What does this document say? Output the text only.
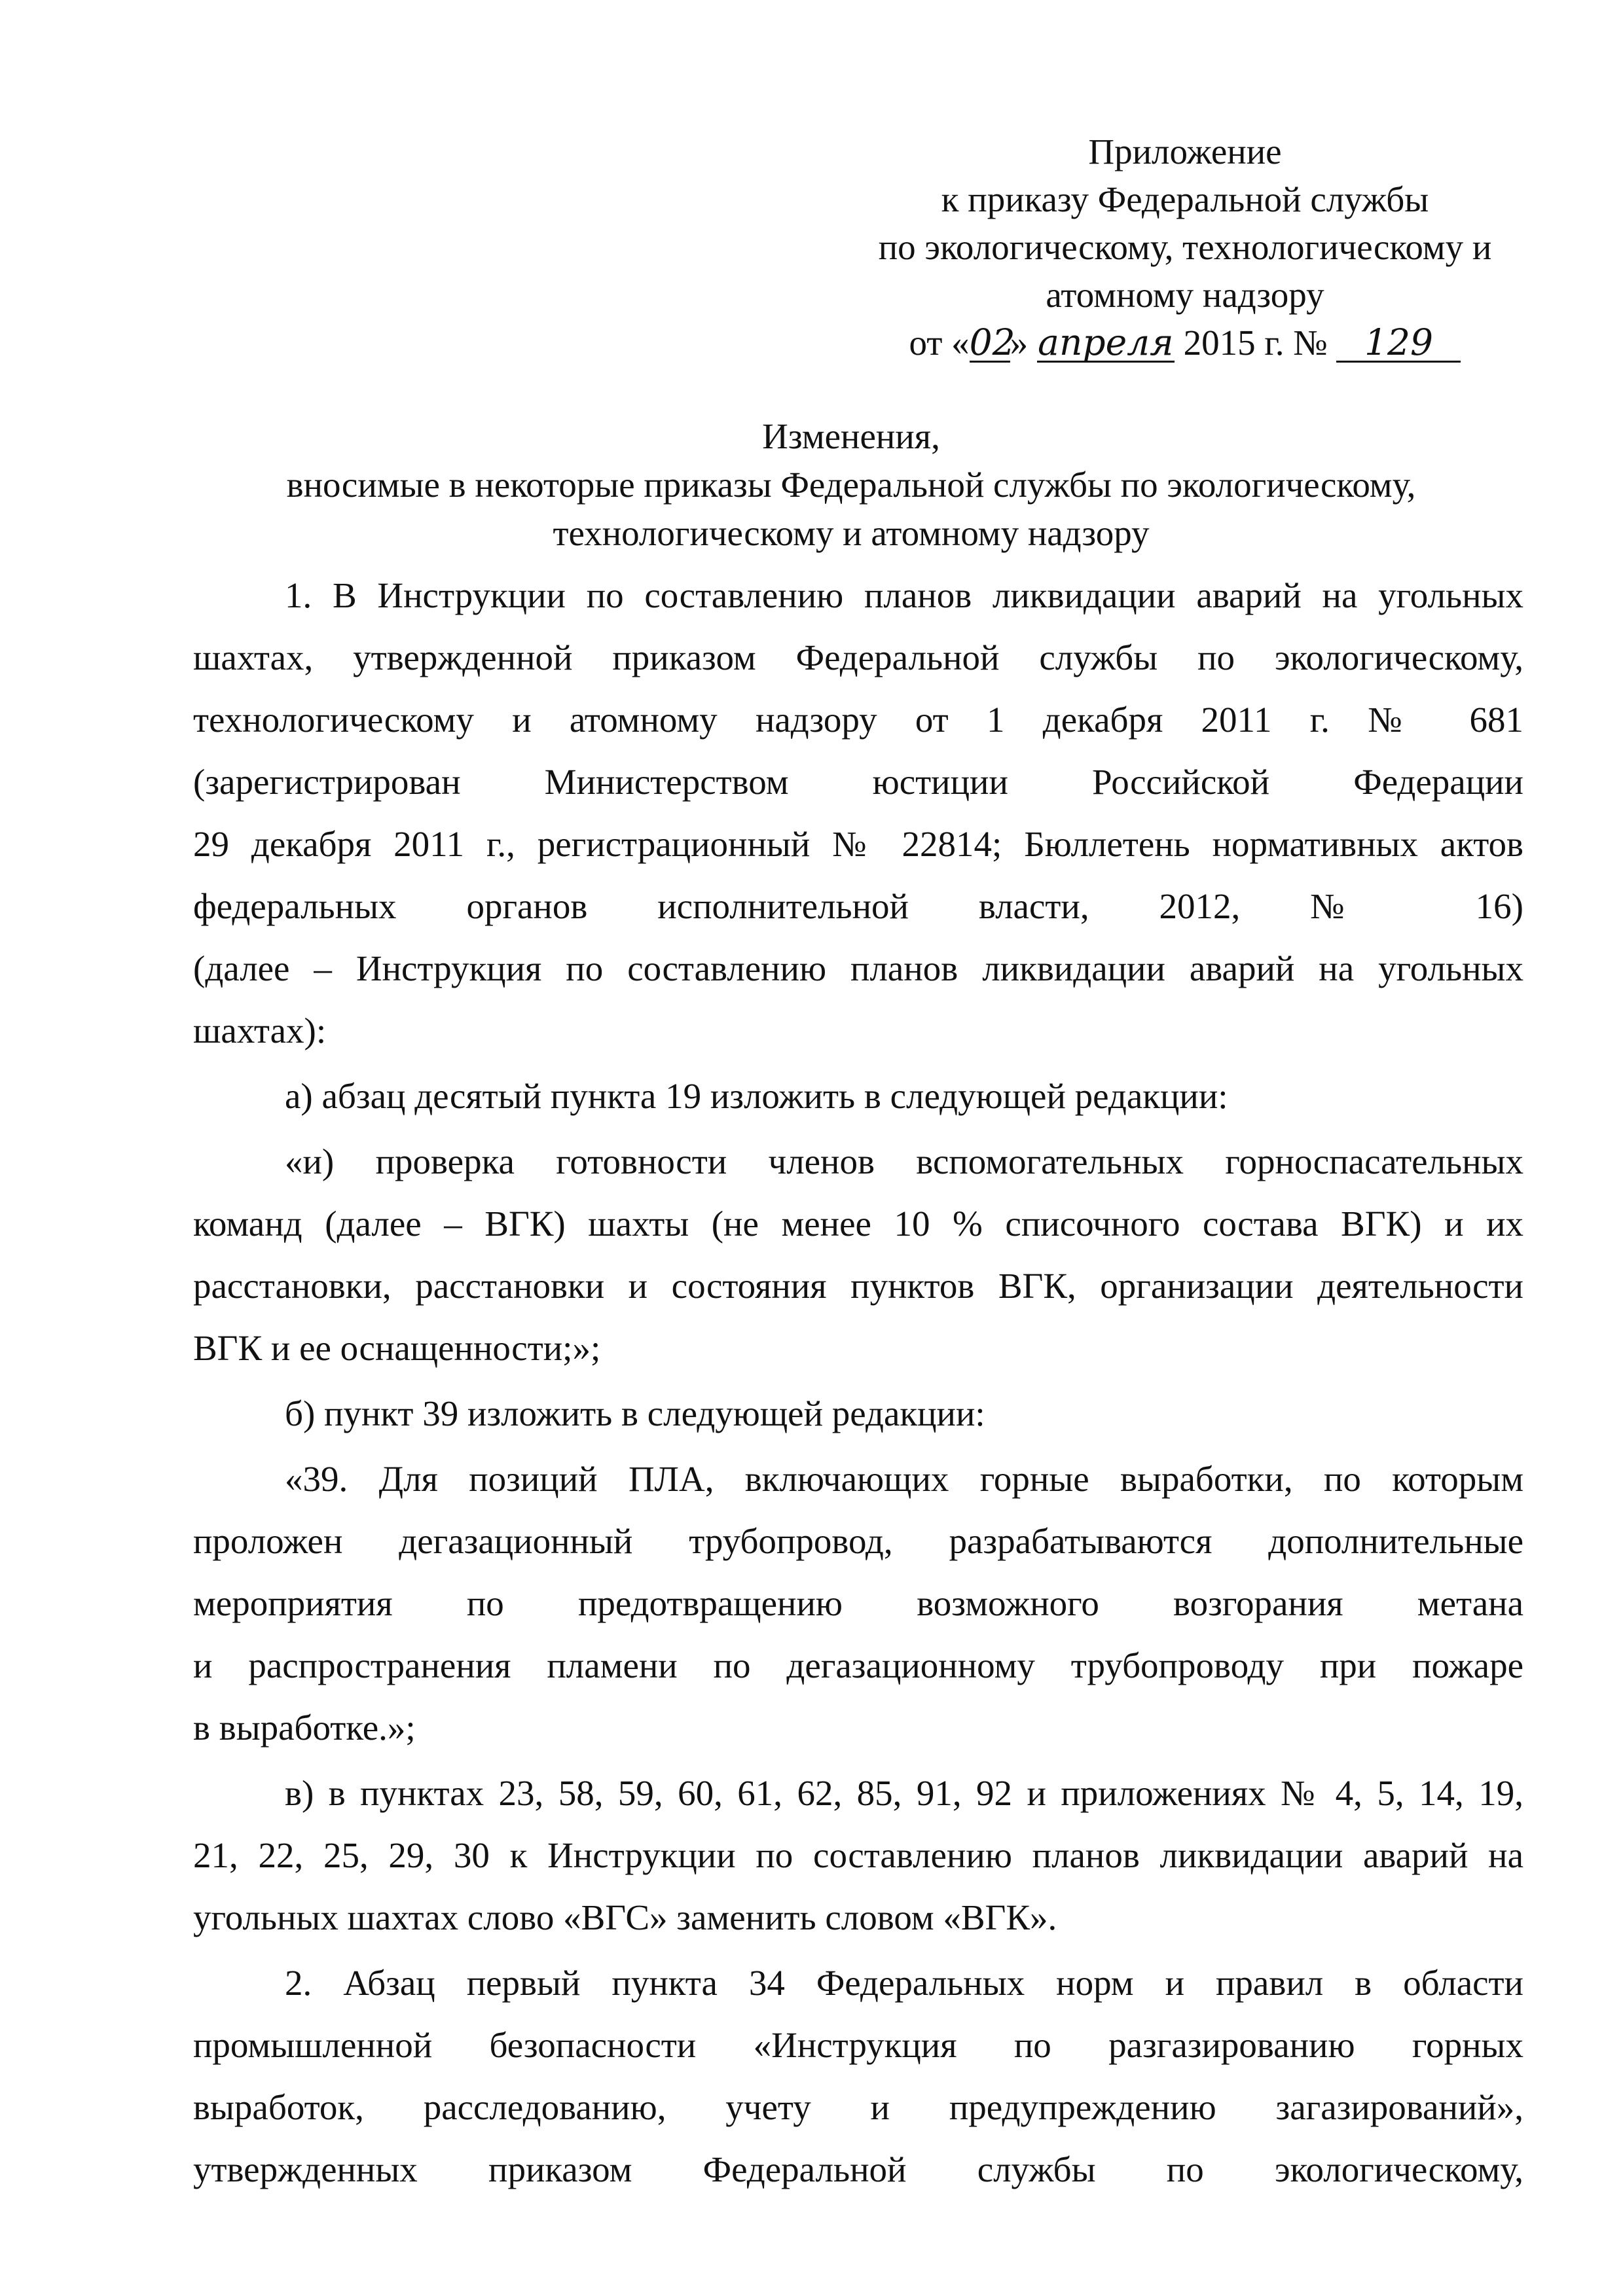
Приложение
к приказу Федеральной службы
по экологическому, технологическому и
атомному надзору
от «02» апреля 2015 г. № 129
Изменения,
вносимые в некоторые приказы Федеральной службы по экологическому,
технологическому и атомному надзору
1. В Инструкции по составлению планов ликвидации аварий на угольных
шахтах, утвержденной приказом Федеральной службы по экологическому,
технологическому и атомному надзору от 1 декабря 2011 г. № 681
(зарегистрирован Министерством юстиции Российской Федерации
29 декабря 2011 г., регистрационный № 22814; Бюллетень нормативных актов
федеральных органов исполнительной власти, 2012, № 16)
(далее – Инструкция по составлению планов ликвидации аварий на угольных
шахтах):
а) абзац десятый пункта 19 изложить в следующей редакции:
«и) проверка готовности членов вспомогательных горноспасательных
команд (далее – ВГК) шахты (не менее 10 % списочного состава ВГК) и их
расстановки, расстановки и состояния пунктов ВГК, организации деятельности
ВГК и ее оснащенности;»;
б) пункт 39 изложить в следующей редакции:
«39. Для позиций ПЛА, включающих горные выработки, по которым
проложен дегазационный трубопровод, разрабатываются дополнительные
мероприятия по предотвращению возможного возгорания метана
и распространения пламени по дегазационному трубопроводу при пожаре
в выработке.»;
в) в пунктах 23, 58, 59, 60, 61, 62, 85, 91, 92 и приложениях № 4, 5, 14, 19,
21, 22, 25, 29, 30 к Инструкции по составлению планов ликвидации аварий на
угольных шахтах слово «ВГС» заменить словом «ВГК».
2. Абзац первый пункта 34 Федеральных норм и правил в области
промышленной безопасности «Инструкция по разгазированию горных
выработок, расследованию, учету и предупреждению загазирований»,
утвержденных приказом Федеральной службы по экологическому,
